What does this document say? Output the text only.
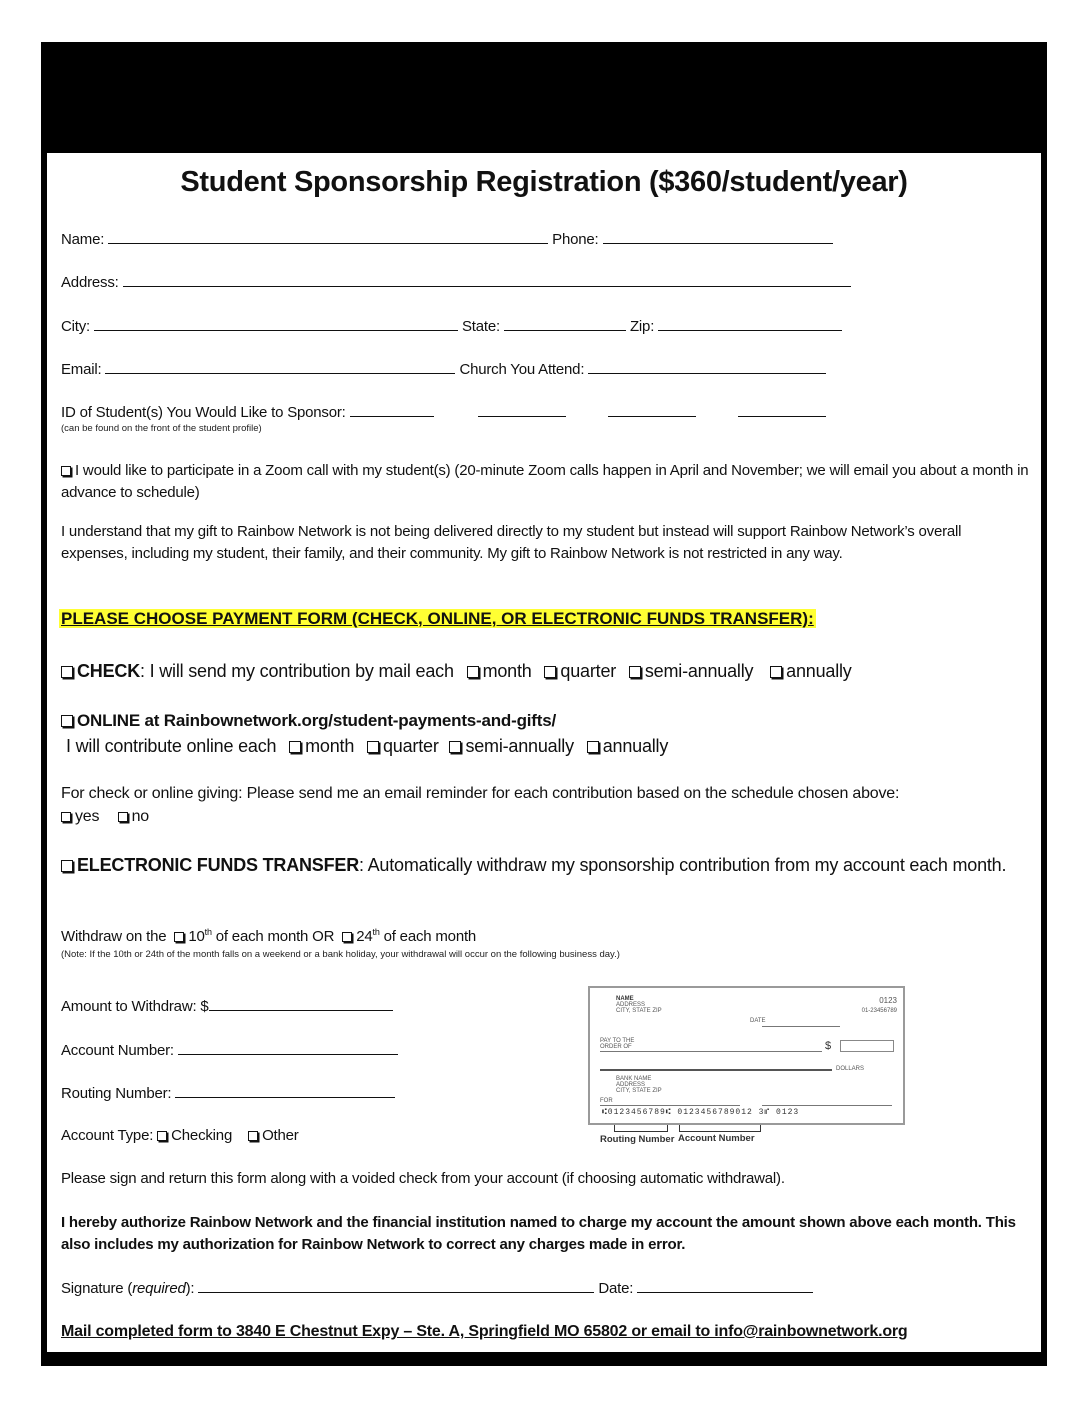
Student Sponsorship Registration ($360/student/year)
Name:	Phone:
Address:
City:	State:	Zip:
Email:	Church You Attend:
ID of Student(s) You Would Like to Sponsor:
(can be found on the front of the student profile)
I would like to participate in a Zoom call with my student(s) (20-minute Zoom calls happen in April and November; we will email you about a month in advance to schedule)
I understand that my gift to Rainbow Network is not being delivered directly to my student but instead will support Rainbow Network’s overall expenses, including my student, their family, and their community. My gift to Rainbow Network is not restricted in any way.
PLEASE CHOOSE PAYMENT FORM (CHECK, ONLINE, OR ELECTRONIC FUNDS TRANSFER):
CHECK: I will send my contribution by mail each month quarter semi-annually annually
ONLINE at Rainbownetwork.org/student-payments-and-gifts/
I will contribute online each month quarter semi-annually annually
For check or online giving: Please send me an email reminder for each contribution based on the schedule chosen above:
yes no
ELECTRONIC FUNDS TRANSFER: Automatically withdraw my sponsorship contribution from my account each month.
Withdraw on the 10th of each month OR 24th of each month
(Note: If the 10th or 24th of the month falls on a weekend or a bank holiday, your withdrawal will occur on the following business day.)
Amount to Withdraw: $
Account Number:
Routing Number:
Account Type: Checking Other
NAME
ADDRESS
CITY, STATE ZIP
0123
01-23456789
DATE
PAY TO THE
ORDER OF	$
DOLLARS
BANK NAME
ADDRESS
CITY, STATE ZIP
FOR
⑆0123456789⑆ 0123456789012 3⑈ 0123
Routing Number Account Number
Please sign and return this form along with a voided check from your account (if choosing automatic withdrawal).
I hereby authorize Rainbow Network and the financial institution named to charge my account the amount shown above each month. This also includes my authorization for Rainbow Network to correct any charges made in error.
Signature (required):	Date:
Mail completed form to 3840 E Chestnut Expy – Ste. A, Springfield MO 65802 or email to info@rainbownetwork.org
